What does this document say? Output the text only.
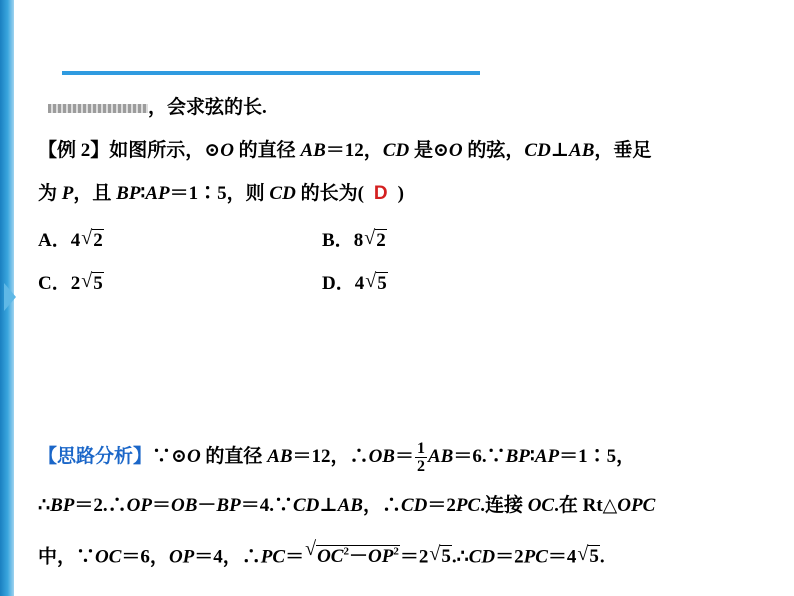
，会求弦的长.
【例 2】如图所示，⊙O 的直径 AB＝12，CD 是⊙O 的弦，CD⊥AB，垂足
为 P，且 BP∶AP＝1∶5，则 CD 的长为( D )
A．4 √ 2	B．8 √ 2
C．2 √ 5	D．4 √ 5
【思路分析】∵⊙O 的直径 AB＝12，∴OB＝ $\frac{1}{2}$ AB＝6.∵BP∶AP＝1∶5，
∴BP＝2.∴OP＝OB－BP＝4.∵CD⊥AB，∴CD＝2PC.连接 OC.在 Rt△OPC
中，∵OC＝6，OP＝4，∴PC＝ √ $OC^2-OP^2=2$ √ 5.∴CD＝2PC＝4 √ 5.
